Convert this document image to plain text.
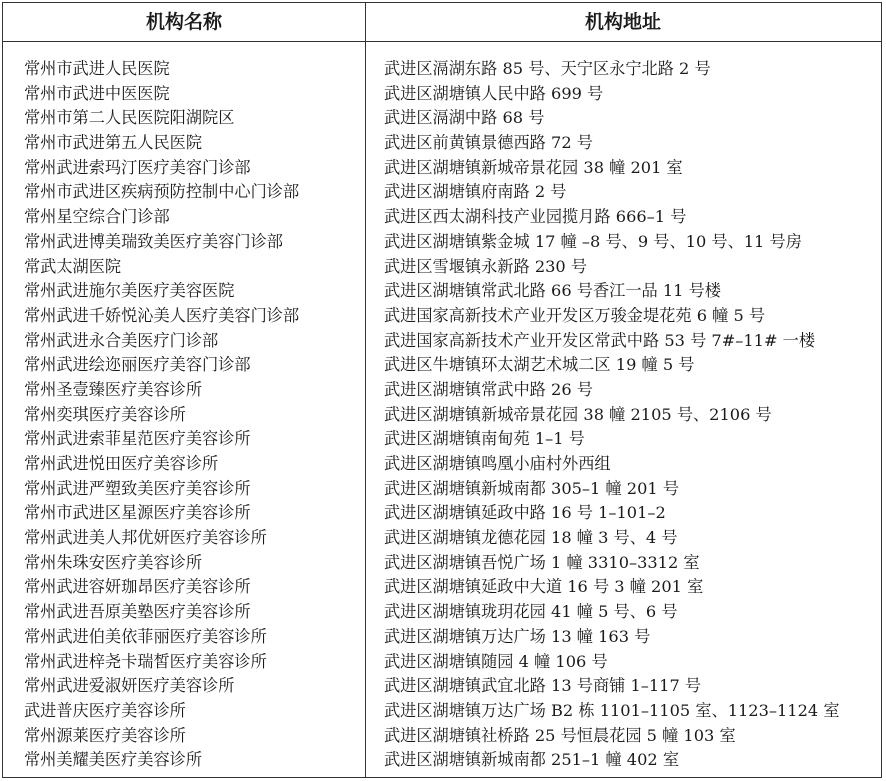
机构名称	机构地址
常州市武进人民医院	武进区滆湖东路 85 号、天宁区永宁北路 2 号
常州市武进中医医院	武进区湖塘镇人民中路 699 号
常州市第二人民医院阳湖院区	武进区滆湖中路 68 号
常州市武进第五人民医院	武进区前黄镇景德西路 72 号
常州武进索玛汀医疗美容门诊部	武进区湖塘镇新城帝景花园 38 幢 201 室
常州市武进区疾病预防控制中心门诊部	武进区湖塘镇府南路 2 号
常州星空综合门诊部	武进区西太湖科技产业园揽月路 666–1 号
常州武进博美瑞致美医疗美容门诊部	武进区湖塘镇紫金城 17 幢 –8 号、9 号、10 号、11 号房
常武太湖医院	武进区雪堰镇永新路 230 号
常州武进施尔美医疗美容医院	武进区湖塘镇常武北路 66 号香江一品 11 号楼
常州武进千娇悦沁美人医疗美容门诊部	武进国家高新技术产业开发区万骏金堤花苑 6 幢 5 号
常州武进永合美医疗门诊部	武进国家高新技术产业开发区常武中路 53 号 7#–11# 一楼
常州武进绘迩丽医疗美容门诊部	武进区牛塘镇环太湖艺术城二区 19 幢 5 号
常州圣壹臻医疗美容诊所	武进区湖塘镇常武中路 26 号
常州奕琪医疗美容诊所	武进区湖塘镇新城帝景花园 38 幢 2105 号、2106 号
常州武进索菲星范医疗美容诊所	武进区湖塘镇南甸苑 1–1 号
常州武进悦田医疗美容诊所	武进区湖塘镇鸣凰小庙村外西组
常州武进严塑致美医疗美容诊所	武进区湖塘镇新城南都 305–1 幢 201 号
常州市武进区星源医疗美容诊所	武进区湖塘镇延政中路 16 号 1–101–2
常州武进美人邦优妍医疗美容诊所	武进区湖塘镇龙德花园 18 幢 3 号、4 号
常州朱珠安医疗美容诊所	武进区湖塘镇吾悦广场 1 幢 3310–3312 室
常州武进容妍珈昂医疗美容诊所	武进区湖塘镇延政中大道 16 号 3 幢 201 室
常州武进吾原美塾医疗美容诊所	武进区湖塘镇珑玥花园 41 幢 5 号、6 号
常州武进伯美依菲丽医疗美容诊所	武进区湖塘镇万达广场 13 幢 163 号
常州武进梓尧卡瑞皙医疗美容诊所	武进区湖塘镇随园 4 幢 106 号
常州武进爱淑妍医疗美容诊所	武进区湖塘镇武宜北路 13 号商铺 1–117 号
武进普庆医疗美容诊所	武进区湖塘镇万达广场 B2 栋 1101–1105 室、1123–1124 室
常州源莱医疗美容诊所	武进区湖塘镇社桥路 25 号恒晨花园 5 幢 103 室
常州美耀美医疗美容诊所	武进区湖塘镇新城南都 251–1 幢 402 室
